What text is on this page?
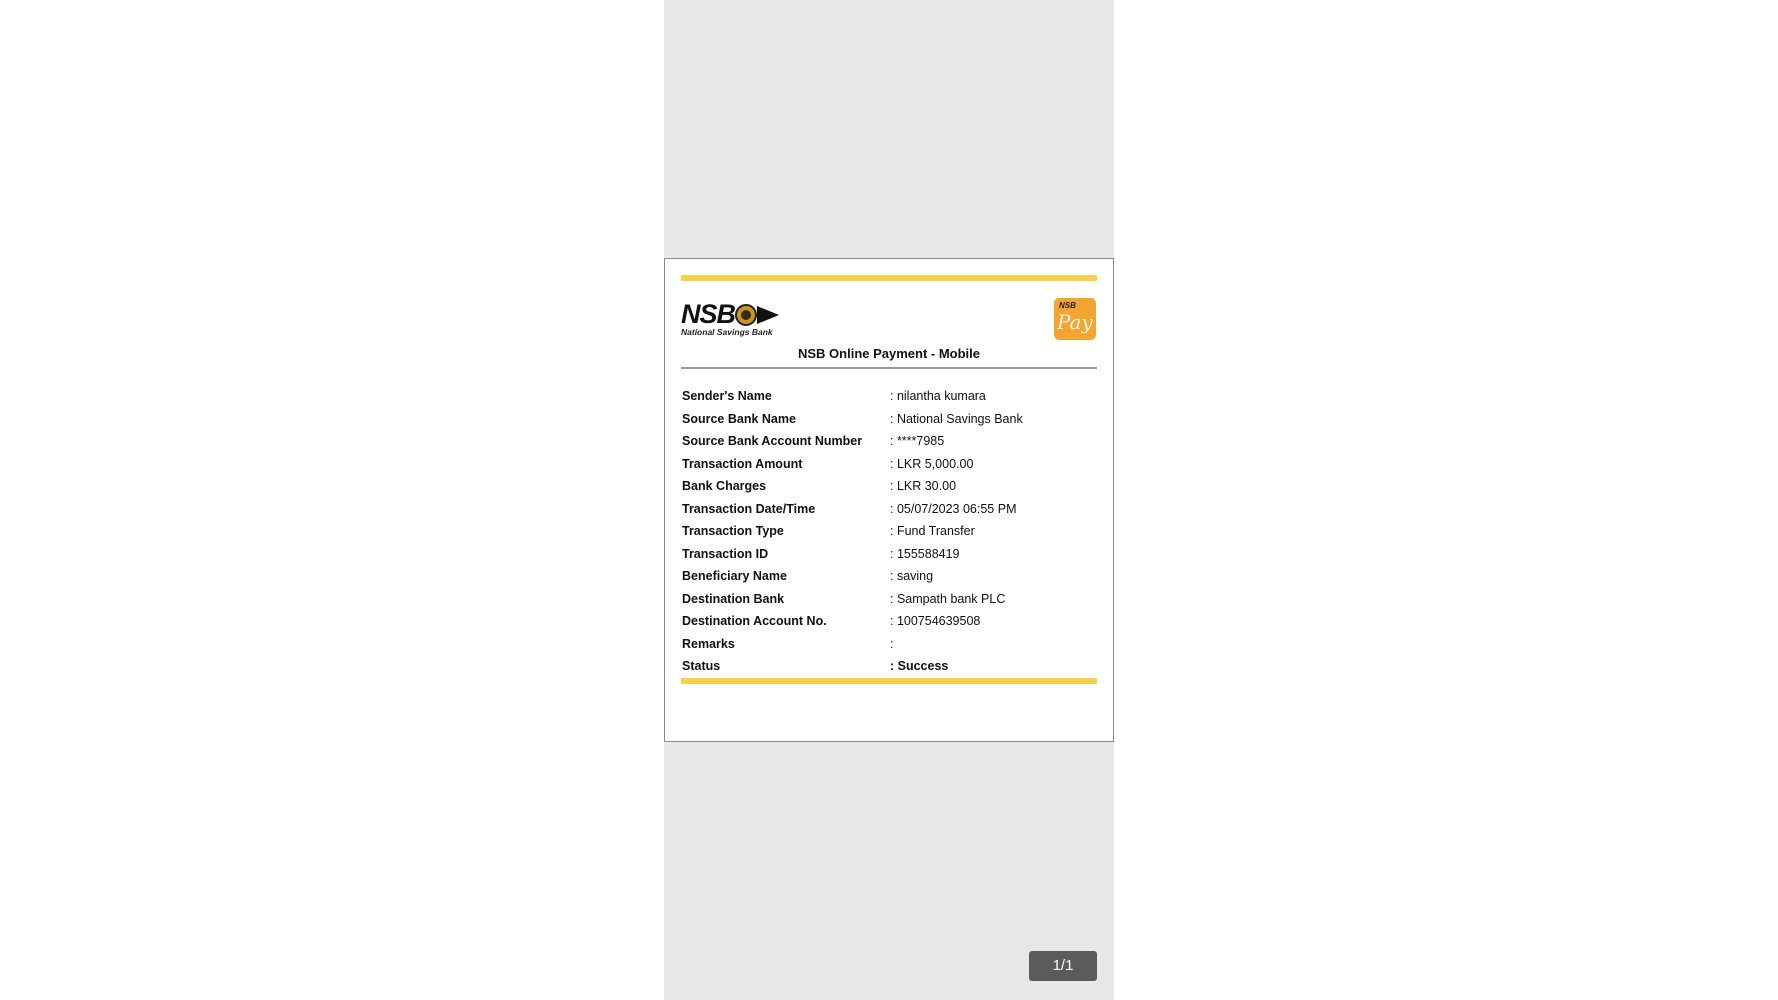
NSB
National Savings Bank
NSB
Pay
NSB Online Payment - Mobile
Sender's Name	: nilantha kumara
Source Bank Name	: National Savings Bank
Source Bank Account Number : ****7985
Transaction Amount	: LKR 5,000.00
Bank Charges	: LKR 30.00
Transaction Date/Time	: 05/07/2023 06:55 PM
Transaction Type	: Fund Transfer
Transaction ID	: 155588419
Beneficiary Name	: saving
Destination Bank	: Sampath bank PLC
Destination Account No.	: 100754639508
Remarks	:
Status	: Success
1/1
